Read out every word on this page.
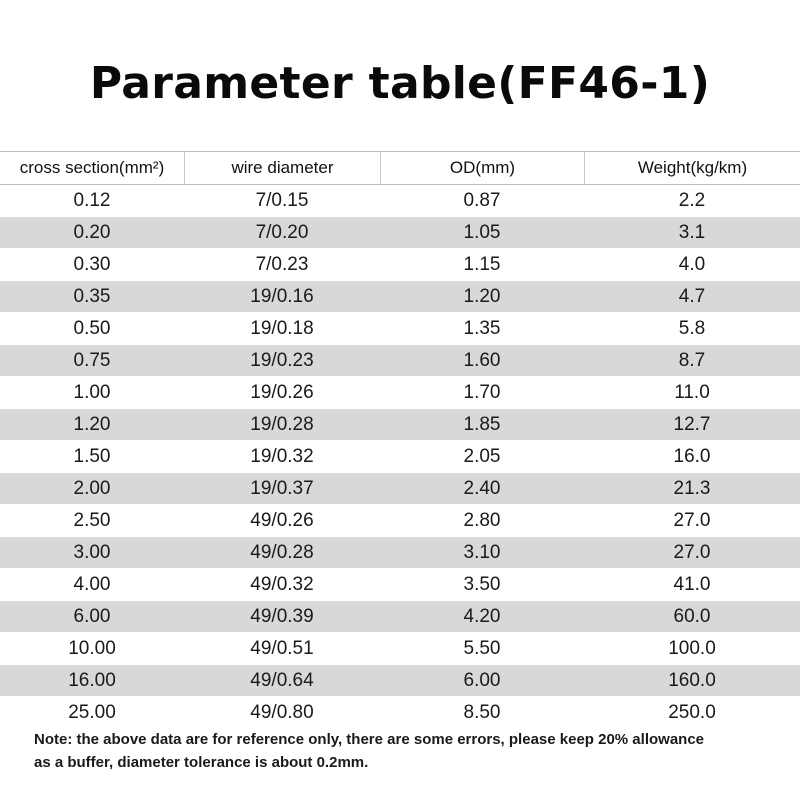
Parameter table(FF46-1)
cross section(mm²)	wire diameter	OD(mm)	Weight(kg/km)
0.12	7/0.15	0.87	2.2
0.20	7/0.20	1.05	3.1
0.30	7/0.23	1.15	4.0
0.35	19/0.16	1.20	4.7
0.50	19/0.18	1.35	5.8
0.75	19/0.23	1.60	8.7
1.00	19/0.26	1.70	11.0
1.20	19/0.28	1.85	12.7
1.50	19/0.32	2.05	16.0
2.00	19/0.37	2.40	21.3
2.50	49/0.26	2.80	27.0
3.00	49/0.28	3.10	27.0
4.00	49/0.32	3.50	41.0
6.00	49/0.39	4.20	60.0
10.00	49/0.51	5.50	100.0
16.00	49/0.64	6.00	160.0
25.00	49/0.80	8.50	250.0
Note: the above data are for reference only, there are some errors, please keep 20% allowance
as a buffer, diameter tolerance is about 0.2mm.
